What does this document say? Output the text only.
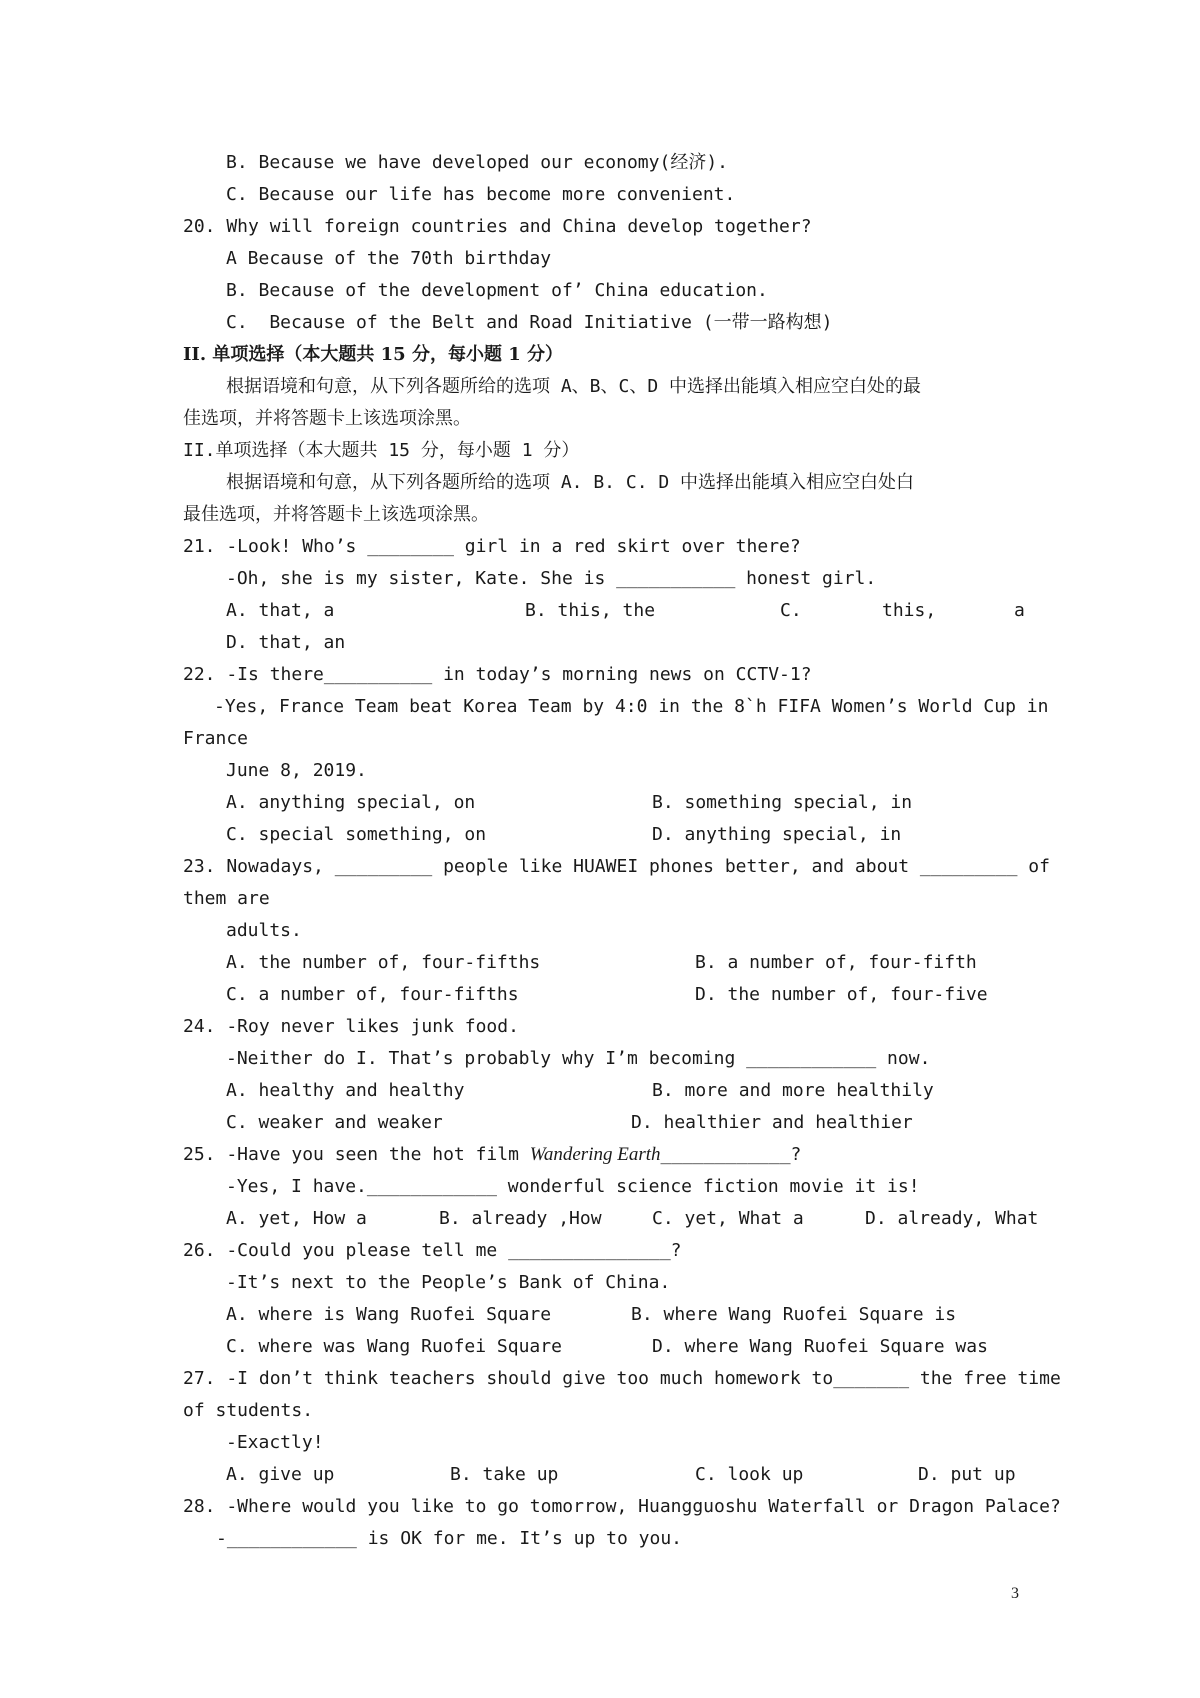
B. Because we have developed our economy(经济).
C. Because our life has become more convenient.
20. Why will foreign countries and China develop together?
A Because of the 70th birthday
B. Because of the development of’ China education.
C.  Because of the Belt and Road Initiative (一带一路构想)
II. 单项选择（本大题共 15 分，每小题 1 分）
根据语境和句意，从下列各题所给的选项 A、B、C、D 中选择出能填入相应空白处的最
佳选项，并将答题卡上该选项涂黑。
II.单项选择（本大题共 15 分，每小题 1 分）
根据语境和句意，从下列各题所给的选项 A. B. C. D 中选择出能填入相应空白处白
最佳选项，并将答题卡上该选项涂黑。
21. -Look! Who’s ________ girl in a red skirt over there?
-Oh, she is my sister, Kate. She is ___________ honest girl.
A. that, a	B. this, the	C.	this,	a
D. that, an
22. -Is there__________ in today’s morning news on CCTV-1?
-Yes, France Team beat Korea Team by 4:0 in the 8`h FIFA Women’s World Cup in
France
June 8, 2019.
A. anything special, on	B. something special, in
C. special something, on	D. anything special, in
23. Nowadays, _________ people like HUAWEI phones better, and about _________ of
them are
adults.
A. the number of, four-fifths	B. a number of, four-fifth
C. a number of, four-fifths	D. the number of, four-five
24. -Roy never likes junk food.
-Neither do I. That’s probably why I’m becoming ____________ now.
A. healthy and healthy	B. more and more healthily
C. weaker and weaker	D. healthier and healthier
25. -Have you seen the hot film Wandering Earth____________?
-Yes, I have.____________ wonderful science fiction movie it is!
A. yet, How a	B. already ,How	C. yet, What a	D. already, What
26. -Could you please tell me _______________?
-It’s next to the People’s Bank of China.
A. where is Wang Ruofei Square	B. where Wang Ruofei Square is
C. where was Wang Ruofei Square	D. where Wang Ruofei Square was
27. -I don’t think teachers should give too much homework to_______ the free time
of students.
-Exactly!
A. give up	B. take up	C. look up	D. put up
28. -Where would you like to go tomorrow, Huangguoshu Waterfall or Dragon Palace?
-____________ is OK for me. It’s up to you.
3
